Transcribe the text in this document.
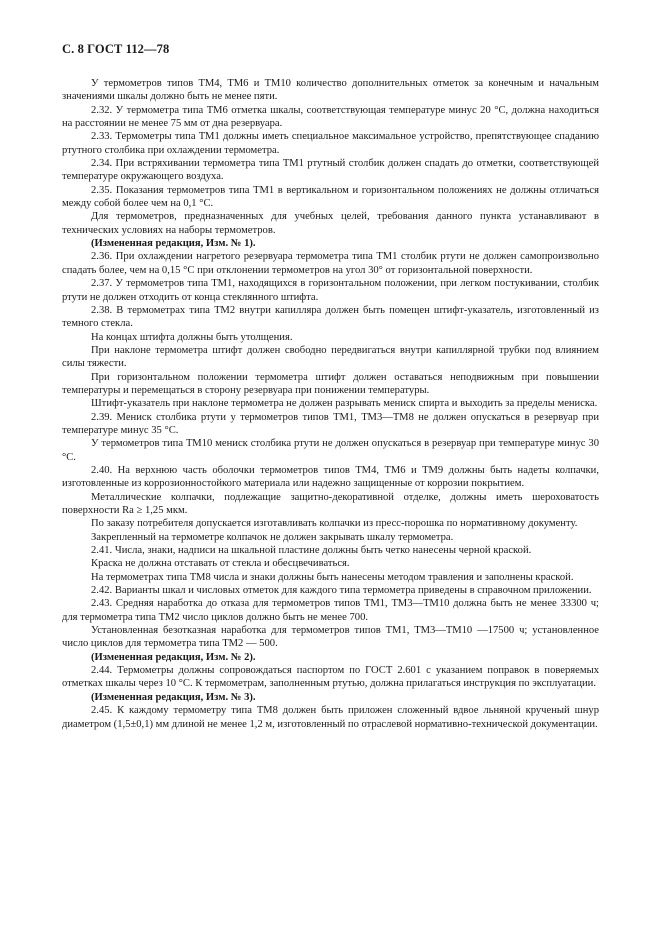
С. 8 ГОСТ 112—78

У термометров типов ТМ4, ТМ6 и ТМ10 количество дополнительных отметок за конечным и начальным значениями шкалы должно быть не менее пяти.

2.32. У термометра типа ТМ6 отметка шкалы, соответствующая температуре минус 20 °С, должна находиться на расстоянии не менее 75 мм от дна резервуара.

2.33. Термометры типа ТМ1 должны иметь специальное максимальное устройство, препятствующее спаданию ртутного столбика при охлаждении термометра.

2.34. При встряхивании термометра типа ТМ1 ртутный столбик должен спадать до отметки, соответствующей температуре окружающего воздуха.

2.35. Показания термометров типа ТМ1 в вертикальном и горизонтальном положениях не должны отличаться между собой более чем на 0,1 °С.

Для термометров, предназначенных для учебных целей, требования данного пункта устанавливают в технических условиях на наборы термометров.

(Измененная редакция, Изм. № 1).

2.36. При охлаждении нагретого резервуара термометра типа ТМ1 столбик ртути не должен самопроизвольно спадать более, чем на 0,15 °С при отклонении термометров на угол 30° от горизонтальной поверхности.

2.37. У термометров типа ТМ1, находящихся в горизонтальном положении, при легком постукивании, столбик ртути не должен отходить от конца стеклянного штифта.

2.38. В термометрах типа ТМ2 внутри капилляра должен быть помещен штифт-указатель, изготовленный из темного стекла.

На концах штифта должны быть утолщения.

При наклоне термометра штифт должен свободно передвигаться внутри капиллярной трубки под влиянием силы тяжести.

При горизонтальном положении термометра штифт должен оставаться неподвижным при повышении температуры и перемещаться в сторону резервуара при понижении температуры.

Штифт-указатель при наклоне термометра не должен разрывать мениск спирта и выходить за пределы мениска.

2.39. Мениск столбика ртути у термометров типов ТМ1, ТМ3—ТМ8 не должен опускаться в резервуар при температуре минус 35 °С.

У термометров типа ТМ10 мениск столбика ртути не должен опускаться в резервуар при температуре минус 30 °С.

2.40. На верхнюю часть оболочки термометров типов ТМ4, ТМ6 и ТМ9 должны быть надеты колпачки, изготовленные из коррозионностойкого материала или надежно защищенные от коррозии покрытием.

Металлические колпачки, подлежащие защитно-декоративной отделке, должны иметь шероховатость поверхности Ra ≥ 1,25 мкм.

По заказу потребителя допускается изготавливать колпачки из пресс-порошка по нормативному документу.

Закрепленный на термометре колпачок не должен закрывать шкалу термометра.

2.41. Числа, знаки, надписи на шкальной пластине должны быть четко нанесены черной краской.

Краска не должна отставать от стекла и обесцвечиваться.

На термометрах типа ТМ8 числа и знаки должны быть нанесены методом травления и заполнены краской.

2.42. Варианты шкал и числовых отметок для каждого типа термометра приведены в справочном приложении.

2.43. Средняя наработка до отказа для термометров типов ТМ1, ТМ3—ТМ10 должна быть не менее 33300 ч; для термометра типа ТМ2 число циклов должно быть не менее 700.

Установленная безотказная наработка для термометров типов ТМ1, ТМ3—ТМ10 —17500 ч; установленное число циклов для термометра типа ТМ2 — 500.

(Измененная редакция, Изм. № 2).

2.44. Термометры должны сопровождаться паспортом по ГОСТ 2.601 с указанием поправок в поверяемых отметках шкалы через 10 °С. К термометрам, заполненным ртутью, должна прилагаться инструкция по эксплуатации.

(Измененная редакция, Изм. № 3).

2.45. К каждому термометру типа ТМ8 должен быть приложен сложенный вдвое льняной крученый шнур диаметром (1,5±0,1) мм длиной не менее 1,2 м, изготовленный по отраслевой нормативно-технической документации.
